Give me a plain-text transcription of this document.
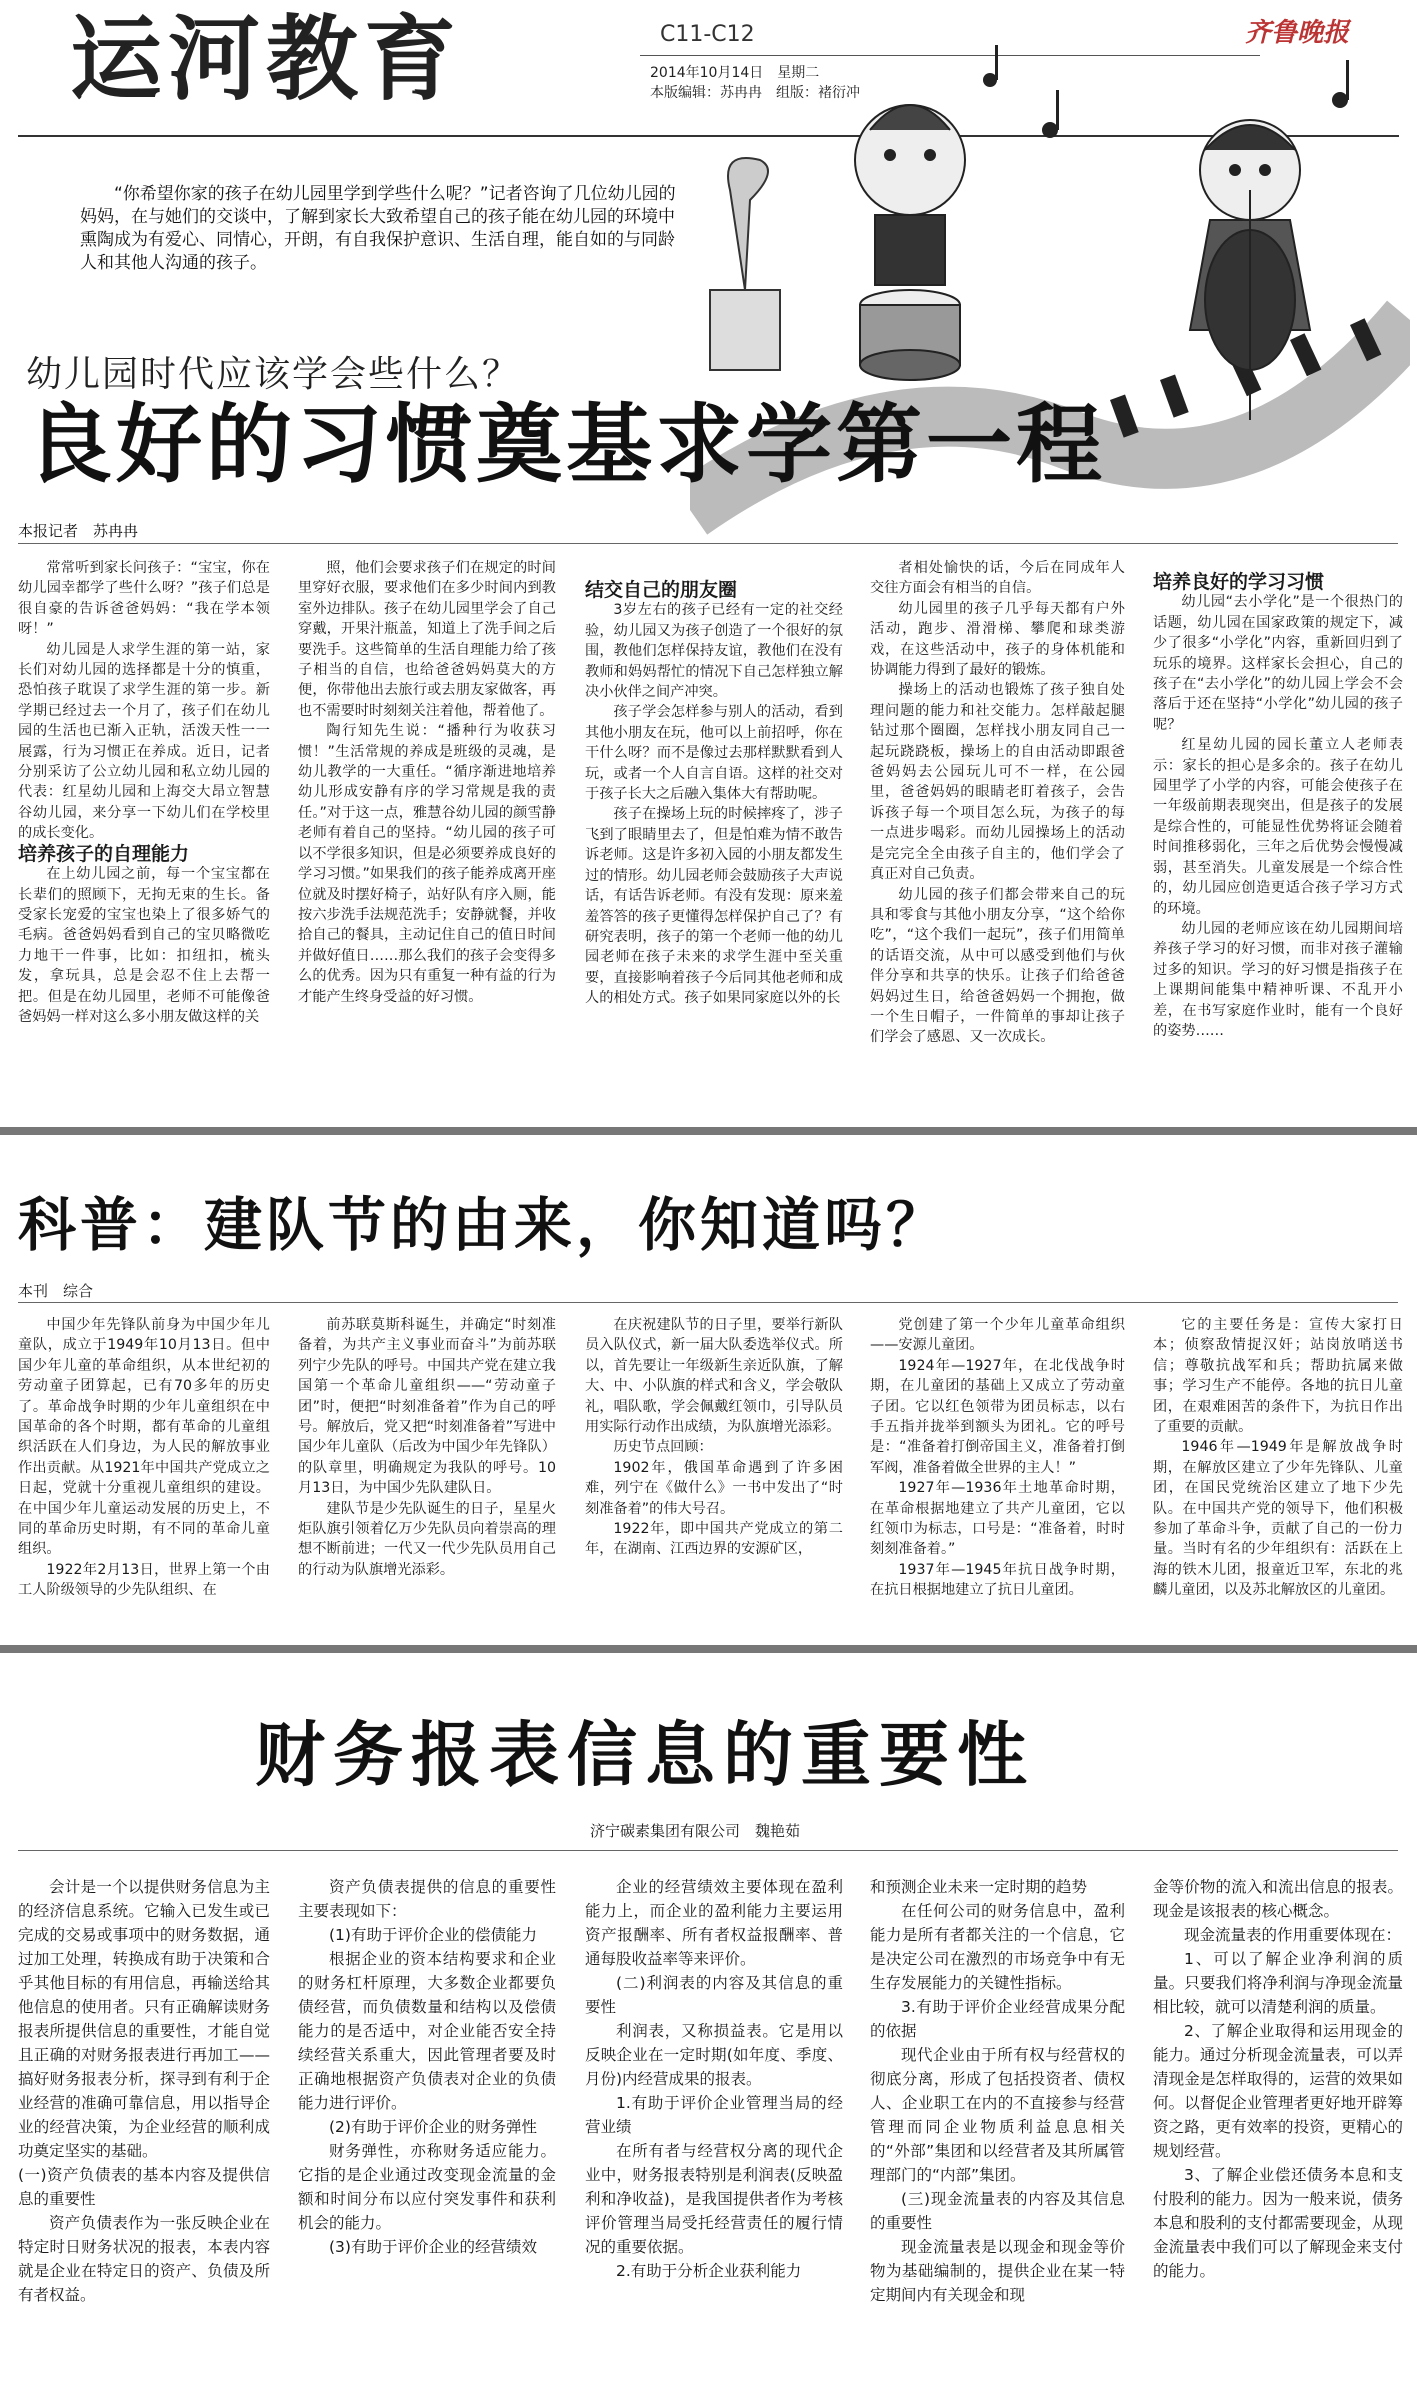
运河教育	C11-C12	齐鲁晚报
2014年10月14日　星期二
本版编辑：苏冉冉　组版：褚衍冲
“你希望你家的孩子在幼儿园里学到学些什么呢？”记者咨询了几位幼儿园的妈妈，在与她们的交谈中，了解到家长大致希望自己的孩子能在幼儿园的环境中熏陶成为有爱心、同情心，开朗，有自我保护意识、生活自理，能自如的与同龄人和其他人沟通的孩子。
幼儿园时代应该学会些什么？
良好的习惯奠基求学第一程
本报记者　苏冉冉

常常听到家长问孩子：“宝宝，你在幼儿园幸都学了些什么呀？”孩子们总是很自豪的告诉爸爸妈妈：“我在学本领呀！”

幼儿园是人求学生涯的第一站，家长们对幼儿园的选择都是十分的慎重，恐怕孩子耽误了求学生涯的第一步。新学期已经过去一个月了，孩子们在幼儿园的生活也已渐入正轨，活泼天性一一展露，行为习惯正在养成。近日，记者分别采访了公立幼儿园和私立幼儿园的代表：红星幼儿园和上海交大昂立智慧谷幼儿园，来分享一下幼儿们在学校里的成长变化。

培养孩子的自理能力

在上幼儿园之前，每一个宝宝都在长辈们的照顾下，无拘无束的生长。备受家长宠爱的宝宝也染上了很多娇气的毛病。爸爸妈妈看到自己的宝贝略微吃力地干一件事，比如：扣纽扣，梳头发，拿玩具，总是会忍不住上去帮一把。但是在幼儿园里，老师不可能像爸爸妈妈一样对这么多小朋友做这样的关

照，他们会要求孩子们在规定的时间里穿好衣服，要求他们在多少时间内到教室外边排队。孩子在幼儿园里学会了自己穿戴，开果汁瓶盖，知道上了洗手间之后要洗手。这些简单的生活自理能力给了孩子相当的自信，也给爸爸妈妈莫大的方便，你带他出去旅行或去朋友家做客，再也不需要时时刻刻关注着他，帮着他了。

陶行知先生说：“播种行为收获习惯！”生活常规的养成是班级的灵魂，是幼儿教学的一大重任。“循序渐进地培养幼儿形成安静有序的学习常规是我的责任。”对于这一点，雅慧谷幼儿园的颜雪静老师有着自己的坚持。“幼儿园的孩子可以不学很多知识，但是必须要养成良好的学习习惯。”如果我们的孩子能养成离开座位就及时摆好椅子，站好队有序入厕，能按六步洗手法规范洗手；安静就餐，并收拾自己的餐具，主动记住自己的值日时间并做好值日……那么我们的孩子会变得多么的优秀。因为只有重复一种有益的行为才能产生终身受益的好习惯。

结交自己的朋友圈

3岁左右的孩子已经有一定的社交经验，幼儿园又为孩子创造了一个很好的氛围，教他们怎样保持友谊，教他们在没有教师和妈妈帮忙的情况下自己怎样独立解决小伙伴之间产冲突。

孩子学会怎样参与别人的活动，看到其他小朋友在玩，他可以上前招呼，你在干什么呀？而不是像过去那样默默看到人玩，或者一个人自言自语。这样的社交对于孩子长大之后融入集体大有帮助呢。

孩子在操场上玩的时候摔疼了，涉子飞到了眼睛里去了，但是怕难为情不敢告诉老师。这是许多初入园的小朋友都发生过的情形。幼儿园老师会鼓励孩子大声说话，有话告诉老师。有没有发现：原来羞羞答答的孩子更懂得怎样保护自己了？有研究表明，孩子的第一个老师一他的幼儿园老师在孩子未来的求学生涯中至关重要，直接影响着孩子今后同其他老师和成人的相处方式。孩子如果同家庭以外的长

者相处愉快的话，今后在同成年人交往方面会有相当的自信。

幼儿园里的孩子几乎每天都有户外活动，跑步、滑滑梯、攀爬和球类游戏，在这些活动中，孩子的身体机能和协调能力得到了最好的锻炼。

操场上的活动也锻炼了孩子独自处理问题的能力和社交能力。怎样敲起腿钻过那个圈圈，怎样找小朋友同自己一起玩跷跷板，操场上的自由活动即跟爸爸妈妈去公园玩儿可不一样，在公园里，爸爸妈妈的眼睛老盯着孩子，会告诉孩子每一个项目怎么玩，为孩子的每一点进步喝彩。而幼儿园操场上的活动是完完全全由孩子自主的，他们学会了真正对自己负责。

幼儿园的孩子们都会带来自己的玩具和零食与其他小朋友分享，“这个给你吃”，“这个我们一起玩”，孩子们用简单的话语交流，从中可以感受到他们与伙伴分享和共享的快乐。让孩子们给爸爸妈妈过生日，给爸爸妈妈一个拥抱，做一个生日帽子，一件简单的事却让孩子们学会了感恩、又一次成长。

培养良好的学习习惯

幼儿园“去小学化”是一个很热门的话题，幼儿园在国家政策的规定下，减少了很多“小学化”内容，重新回归到了玩乐的境界。这样家长会担心，自己的孩子在“去小学化”的幼儿园上学会不会落后于还在坚持“小学化”幼儿园的孩子呢？

红星幼儿园的园长董立人老师表示：家长的担心是多余的。孩子在幼儿园里学了小学的内容，可能会使孩子在一年级前期表现突出，但是孩子的发展是综合性的，可能显性优势将证会随着时间推移弱化，三年之后优势会慢慢减弱，甚至消失。儿童发展是一个综合性的，幼儿园应创造更适合孩子学习方式的环境。

幼儿园的老师应该在幼儿园期间培养孩子学习的好习惯，而非对孩子灌输过多的知识。学习的好习惯是指孩子在上课期间能集中精神听课、不乱开小差，在书写家庭作业时，能有一个良好的姿势……

科普：建队节的由来，你知道吗？
本刊　综合

中国少年先锋队前身为中国少年儿童队，成立于1949年10月13日。但中国少年儿童的革命组织，从本世纪初的劳动童子团算起，已有70多年的历史了。革命战争时期的少年儿童组织在中国革命的各个时期，都有革命的儿童组织活跃在人们身边，为人民的解放事业作出贡献。从1921年中国共产党成立之日起，党就十分重视儿童组织的建设。在中国少年儿童运动发展的历史上，不同的革命历史时期，有不同的革命儿童组织。

1922年2月13日，世界上第一个由工人阶级领导的少先队组织、在

前苏联莫斯科诞生，并确定“时刻准备着，为共产主义事业而奋斗”为前苏联列宁少先队的呼号。中国共产党在建立我国第一个革命儿童组织——“劳动童子团”时，便把“时刻准备着”作为自己的呼号。解放后，党又把“时刻准备着”写进中国少年儿童队（后改为中国少年先锋队）的队章里，明确规定为我队的呼号。10月13日，为中国少先队建队日。

建队节是少先队诞生的日子，星星火炬队旗引领着亿万少先队员向着崇高的理想不断前进；一代又一代少先队员用自己的行动为队旗增光添彩。

在庆祝建队节的日子里，要举行新队员入队仪式，新一届大队委选举仪式。所以，首先要让一年级新生亲近队旗，了解大、中、小队旗的样式和含义，学会敬队礼，唱队歌，学会佩戴红领巾，引导队员用实际行动作出成绩，为队旗增光添彩。

历史节点回顾：

1902年，俄国革命遇到了许多困难，列宁在《做什么》一书中发出了“时刻准备着”的伟大号召。

1922年，即中国共产党成立的第二年，在湖南、江西边界的安源矿区，

党创建了第一个少年儿童革命组织——安源儿童团。

1924年—1927年，在北伐战争时期，在儿童团的基础上又成立了劳动童子团。它以红色领带为团员标志，以右手五指并拢举到额头为团礼。它的呼号是：“准备着打倒帝国主义，准备着打倒军阀，准备着做全世界的主人！”

1927年—1936年土地革命时期，在革命根据地建立了共产儿童团，它以红领巾为标志，口号是：“准备着，时时刻刻准备着。”

1937年—1945年抗日战争时期，在抗日根据地建立了抗日儿童团。

它的主要任务是：宣传大家打日本；侦察敌情捉汉奸；站岗放哨送书信；尊敬抗战军和兵；帮助抗属来做事；学习生产不能停。各地的抗日儿童团，在艰难困苦的条件下，为抗日作出了重要的贡献。

1946年—1949年是解放战争时期，在解放区建立了少年先锋队、儿童团，在国民党统治区建立了地下少先队。在中国共产党的领导下，他们积极参加了革命斗争，贡献了自己的一份力量。当时有名的少年组织有：活跃在上海的铁木儿团，报童近卫军，东北的兆麟儿童团，以及苏北解放区的儿童团。

财务报表信息的重要性
济宁碳素集团有限公司　魏艳茹

会计是一个以提供财务信息为主的经济信息系统。它输入已发生或已完成的交易或事项中的财务数据，通过加工处理，转换成有助于决策和合乎其他目标的有用信息，再输送给其他信息的使用者。只有正确解读财务报表所提供信息的重要性，才能自觉且正确的对财务报表进行再加工——搞好财务报表分析，探寻到有利于企业经营的准确可靠信息，用以指导企业的经营决策，为企业经营的顺利成功奠定坚实的基础。

(一)资产负债表的基本内容及提供信息的重要性

资产负债表作为一张反映企业在特定时日财务状况的报表，本表内容就是企业在特定日的资产、负债及所有者权益。

资产负债表提供的信息的重要性主要表现如下：

(1)有助于评价企业的偿债能力

根据企业的资本结构要求和企业的财务杠杆原理，大多数企业都要负债经营，而负债数量和结构以及偿债能力的是否适中，对企业能否安全持续经营关系重大，因此管理者要及时正确地根据资产负债表对企业的负债能力进行评价。

(2)有助于评价企业的财务弹性

财务弹性，亦称财务适应能力。它指的是企业通过改变现金流量的金额和时间分布以应付突发事件和获利机会的能力。

(3)有助于评价企业的经营绩效

企业的经营绩效主要体现在盈利能力上，而企业的盈利能力主要运用资产报酬率、所有者权益报酬率、普通每股收益率等来评价。

(二)利润表的内容及其信息的重要性

利润表，又称损益表。它是用以反映企业在一定时期(如年度、季度、月份)内经营成果的报表。

1.有助于评价企业管理当局的经营业绩

在所有者与经营权分离的现代企业中，财务报表特别是利润表(反映盈利和净收益)，是我国提供者作为考核评价管理当局受托经营责任的履行情况的重要依据。

2.有助于分析企业获利能力

和预测企业未来一定时期的趋势

在任何公司的财务信息中，盈利能力是所有者都关注的一个信息，它是决定公司在激烈的市场竞争中有无生存发展能力的关键性指标。

3.有助于评价企业经营成果分配的依据

现代企业由于所有权与经营权的彻底分离，形成了包括投资者、债权人、企业职工在内的不直接参与经营管理而同企业物质利益息息相关的“外部”集团和以经营者及其所属管理部门的“内部”集团。

(三)现金流量表的内容及其信息的重要性

现金流量表是以现金和现金等价物为基础编制的，提供企业在某一特定期间内有关现金和现

金等价物的流入和流出信息的报表。现金是该报表的核心概念。

现金流量表的作用重要体现在：

1、可以了解企业净利润的质量。只要我们将净利润与净现金流量相比较，就可以清楚利润的质量。

2、了解企业取得和运用现金的能力。通过分析现金流量表，可以弄清现金是怎样取得的，运营的效果如何。以督促企业管理者更好地开辟筹资之路，更有效率的投资，更精心的规划经营。

3、了解企业偿还债务本息和支付股利的能力。因为一般来说，债务本息和股利的支付都需要现金，从现金流量表中我们可以了解现金来支付的能力。
